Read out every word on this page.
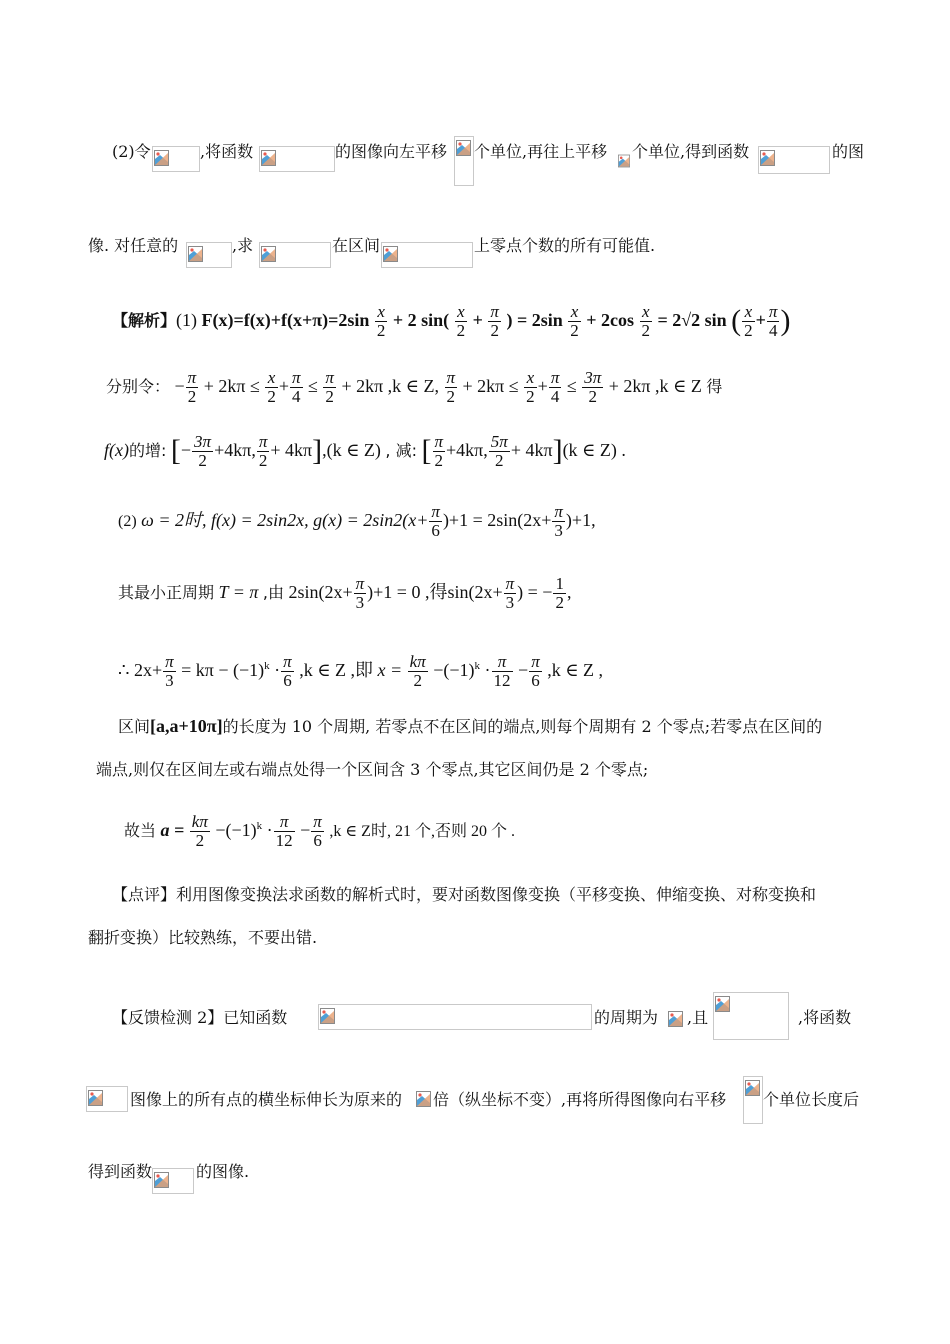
(2)令	,将函数	的图像向左平移 个单位,再往上平移 个单位,得到函数	的图
像. 对任意的	,求	在区间	上零点个数的所有可能值.
【解析】(1) $F(x)=f(x)+f(x+\pi)=2\sin \frac{x}{2} + 2$ $\sin( \frac{x}{2} + \frac{\pi}{2}$ ) = $2\sin \frac{x}{2} + 2\cos \frac{x}{2} = 2√2$ sin ( $\frac{x}{2} + \frac{\pi}{4}$ )
分别令： − $\frac{\pi}{2} + 2k\pi \le \frac{x}{2} + \frac{\pi}{4} \le \frac{\pi}{2} + 2k\pi$ ,k ∈ Z, $\frac{\pi}{2} + 2k\pi \le \frac{x}{2} + \frac{\pi}{4} \le \frac{3\pi}{2} + 2k\pi$ ,k ∈ Z 得
f(x)的增: [− $\frac{3\pi}{2} +4k\pi$, $\frac{\pi}{2} + 4k\pi],(k$ ∈ Z) , 减: [ $\frac{\pi}{2} +4k\pi$, $\frac{5\pi}{2} + 4k\pi](k$ ∈ Z) .
(2) ω = 2时, f(x) = 2sin2x, $g(x) = 2\sin 2(x+ \frac{\pi}{6} )+1 = 2\sin(2x+ \frac{\pi}{3} )+1$,
其最小正周期 T = π ,由 $2\sin(2x+ \frac{\pi}{3} )+1 = 0$ ,得$\sin(2x+ \frac{\pi}{3}$ ) = − $\frac{1}{2}$ ,
∴ $2x+ \frac{\pi}{3} = k\pi - (-1)^k \cdot \frac{\pi}{6} ,k$ ∈ Z ,即 $x = \frac{k\pi}{2} -(-1)^k \cdot \frac{\pi}{12} - \frac{\pi}{6} ,k$ ∈ Z ,
区间[a,a+10π]的长度为 10 个周期, 若零点不在区间的端点,则每个周期有 2 个零点;若零点在区间的
端点,则仅在区间左或右端点处得一个区间含 3 个零点,其它区间仍是 2 个零点;
故当 $a = \frac{k\pi}{2} -(-1)^k \cdot \frac{\pi}{12} - \frac{\pi}{6} ,k$ ∈ Z时, 21 个,否则 20 个 .
【点评】利用图像变换法求函数的解析式时，要对函数图像变换（平移变换、伸缩变换、对称变换和
翻折变换）比较熟练，不要出错.
【反馈检测 2】已知函数	的周期为 ,且	,将函数
图像上的所有点的横坐标伸长为原来的 倍（纵坐标不变）,再将所得图像向右平移 个单位长度后
得到函数	的图像.
